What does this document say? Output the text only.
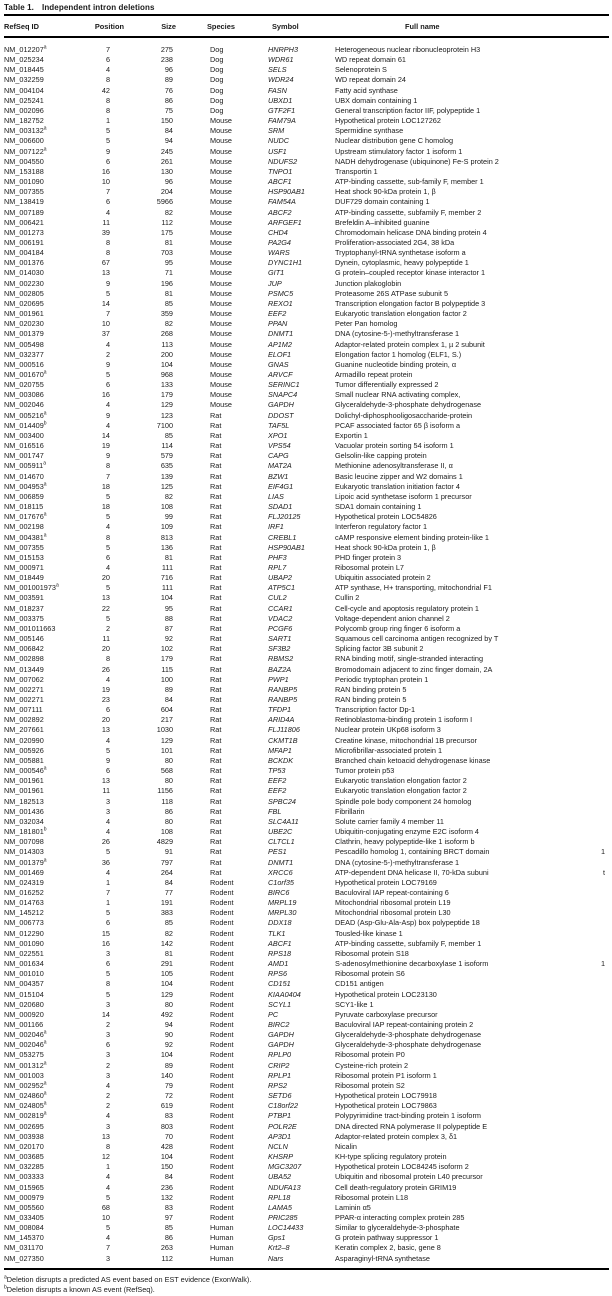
Table 1. Independent intron deletions
RefSeq ID	Position	Size	Species	Symbol	Full name
NM_012207$^a$	7	275	Dog	HNRPH3	Heterogeneous nuclear ribonucleoprotein H3
NM_025234	6	238	Dog	WDR61	WD repeat domain 61
NM_018445	4	96	Dog	SELS	Selenoprotein S
NM_032259	8	89	Dog	WDR24	WD repeat domain 24
NM_004104	42	76	Dog	FASN	Fatty acid synthase
NM_025241	8	86	Dog	UBXD1	UBX domain containing 1
NM_002096	8	75	Dog	GTF2F1	General transcription factor IIF, polypeptide 1
NM_182752	1	150	Mouse	FAM79A	Hypothetical protein LOC127262
NM_003132$^a$	5	84	Mouse	SRM	Spermidine synthase
NM_006600	5	94	Mouse	NUDC	Nuclear distribution gene C homolog
NM_007122$^a$	9	245	Mouse	USF1	Upstream stimulatory factor 1 isoform 1
NM_004550	6	261	Mouse	NDUFS2	NADH dehydrogenase (ubiquinone) Fe-S protein 2
NM_153188	16	130	Mouse	TNPO1	Transportin 1
NM_001090	10	96	Mouse	ABCF1	ATP-binding cassette, sub-family F, member 1
NM_007355	7	204	Mouse	HSP90AB1	Heat shock 90-kDa protein 1, β
NM_138419	6	5966	Mouse	FAM54A	DUF729 domain containing 1
NM_007189	4	82	Mouse	ABCF2	ATP-binding cassette, subfamily F, member 2
NM_006421	11	112	Mouse	ARFGEF1	Brefeldin A–inhibited guanine
NM_001273	39	175	Mouse	CHD4	Chromodomain helicase DNA binding protein 4
NM_006191	8	81	Mouse	PA2G4	Proliferation-associated 2G4, 38 kDa
NM_004184	8	703	Mouse	WARS	Tryptophanyl-tRNA synthetase isoform a
NM_001376	67	95	Mouse	DYNC1H1	Dynein, cytoplasmic, heavy polypeptide 1
NM_014030	13	71	Mouse	GIT1	G protein–coupled receptor kinase interactor 1
NM_002230	9	196	Mouse	JUP	Junction plakoglobin
NM_002805	5	81	Mouse	PSMC5	Proteasome 26S ATPase subunit 5
NM_020695	14	85	Mouse	REXO1	Transcription elongation factor B polypeptide 3
NM_001961	7	359	Mouse	EEF2	Eukaryotic translation elongation factor 2
NM_020230	10	82	Mouse	PPAN	Peter Pan homolog
NM_001379	37	268	Mouse	DNMT1	DNA (cytosine-5-)-methyltransferase 1
NM_005498	4	113	Mouse	AP1M2	Adaptor-related protein complex 1, µ 2 subunit
NM_032377	2	200	Mouse	ELOF1	Elongation factor 1 homolog (ELF1, S.)
NM_000516	9	104	Mouse	GNAS	Guanine nucleotide binding protein, α
NM_001670$^a$	5	968	Mouse	ARVCF	Armadillo repeat protein
NM_020755	6	133	Mouse	SERINC1	Tumor differentially expressed 2
NM_003086	16	179	Mouse	SNAPC4	Small nuclear RNA activating complex,
NM_002046	4	129	Mouse	GAPDH	Glyceraldehyde-3-phosphate dehydrogenase
NM_005216$^a$	9	123	Rat	DDOST	Dolichyl-diphosphooligosaccharide-protein
NM_014409$^b$	4	7100	Rat	TAF5L	PCAF associated factor 65 β isoform a
NM_003400	14	85	Rat	XPO1	Exportin 1
NM_016516	19	114	Rat	VPS54	Vacuolar protein sorting 54 isoform 1
NM_001747	9	579	Rat	CAPG	Gelsolin-like capping protein
NM_005911$^a$	8	635	Rat	MAT2A	Methionine adenosyltransferase II, α
NM_014670	7	139	Rat	BZW1	Basic leucine zipper and W2 domains 1
NM_004953$^a$	18	125	Rat	EIF4G1	Eukaryotic translation initiation factor 4
NM_006859	5	82	Rat	LIAS	Lipoic acid synthetase isoform 1 precursor
NM_018115	18	108	Rat	SDAD1	SDA1 domain containing 1
NM_017676$^a$	5	99	Rat	FLJ20125	Hypothetical protein LOC54826
NM_002198	4	109	Rat	IRF1	Interferon regulatory factor 1
NM_004381$^a$	8	813	Rat	CREBL1	cAMP responsive element binding protein-like 1
NM_007355	5	136	Rat	HSP90AB1	Heat shock 90-kDa protein 1, β
NM_015153	6	81	Rat	PHF3	PHD finger protein 3
NM_000971	4	111	Rat	RPL7	Ribosomal protein L7
NM_018449	20	716	Rat	UBAP2	Ubiquitin associated protein 2
NM_001001973$^a$	5	111	Rat	ATP5C1	ATP synthase, H+ transporting, mitochondrial F1
NM_003591	13	104	Rat	CUL2	Cullin 2
NM_018237	22	95	Rat	CCAR1	Cell-cycle and apoptosis regulatory protein 1
NM_003375	5	88	Rat	VDAC2	Voltage-dependent anion channel 2
NM_001011663	2	87	Rat	PCGF6	Polycomb group ring finger 6 isoform a
NM_005146	11	92	Rat	SART1	Squamous cell carcinoma antigen recognized by T
NM_006842	20	102	Rat	SF3B2	Splicing factor 3B subunit 2
NM_002898	8	179	Rat	RBMS2	RNA binding motif, single-stranded interacting
NM_013449	26	115	Rat	BAZ2A	Bromodomain adjacent to zinc finger domain, 2A
NM_007062	4	100	Rat	PWP1	Periodic tryptophan protein 1
NM_002271	19	89	Rat	RANBP5	RAN binding protein 5
NM_002271	23	84	Rat	RANBP5	RAN binding protein 5
NM_007111	6	604	Rat	TFDP1	Transcription factor Dp-1
NM_002892	20	217	Rat	ARID4A	Retinoblastoma-binding protein 1 isoform I
NM_207661	13	1030	Rat	FLJ11806	Nuclear protein UKp68 isoform 3
NM_020990	4	129	Rat	CKMT1B	Creatine kinase, mitochondrial 1B precursor
NM_005926	5	101	Rat	MFAP1	Microfibrillar-associated protein 1
NM_005881	9	80	Rat	BCKDK	Branched chain ketoacid dehydrogenase kinase
NM_000546$^a$	6	568	Rat	TP53	Tumor protein p53
NM_001961	13	80	Rat	EEF2	Eukaryotic translation elongation factor 2
NM_001961	11	1156	Rat	EEF2	Eukaryotic translation elongation factor 2
NM_182513	3	118	Rat	SPBC24	Spindle pole body component 24 homolog
NM_001436	3	86	Rat	FBL	Fibrillarin
NM_032034	4	80	Rat	SLC4A11	Solute carrier family 4 member 11
NM_181801$^b$	4	108	Rat	UBE2C	Ubiquitin-conjugating enzyme E2C isoform 4
NM_007098	26	4829	Rat	CLTCL1	Clathrin, heavy polypeptide-like 1 isoform b
NM_014303	5	91	Rat	PES1	Pescadillo homolog 1, containing BRCT domain	1
NM_001379$^a$	36	797	Rat	DNMT1	DNA (cytosine-5-)-methyltransferase 1
NM_001469	4	264	Rat	XRCC6	ATP-dependent DNA helicase II, 70-kDa subuni	t
NM_024319	1	84	Rodent	C1orf35	Hypothetical protein LOC79169
NM_016252	7	77	Rodent	BIRC6	Baculoviral IAP repeat-containing 6
NM_014763	1	191	Rodent	MRPL19	Mitochondrial ribosomal protein L19
NM_145212	5	383	Rodent	MRPL30	Mitochondrial ribosomal protein L30
NM_006773	6	85	Rodent	DDX18	DEAD (Asp-Glu-Ala-Asp) box polypeptide 18
NM_012290	15	82	Rodent	TLK1	Tousled-like kinase 1
NM_001090	16	142	Rodent	ABCF1	ATP-binding cassette, subfamily F, member 1
NM_022551	3	81	Rodent	RPS18	Ribosomal protein S18
NM_001634	6	291	Rodent	AMD1	S-adenosylmethionine decarboxylase 1 isoform	1
NM_001010	5	105	Rodent	RPS6	Ribosomal protein S6
NM_004357	8	104	Rodent	CD151	CD151 antigen
NM_015104	5	129	Rodent	KIAA0404	Hypothetical protein LOC23130
NM_020680	3	80	Rodent	SCYL1	SCY1-like 1
NM_000920	14	492	Rodent	PC	Pyruvate carboxylase precursor
NM_001166	2	94	Rodent	BIRC2	Baculoviral IAP repeat-containing protein 2
NM_002046$^a$	3	90	Rodent	GAPDH	Glyceraldehyde-3-phosphate dehydrogenase
NM_002046$^a$	6	92	Rodent	GAPDH	Glyceraldehyde-3-phosphate dehydrogenase
NM_053275	3	104	Rodent	RPLP0	Ribosomal protein P0
NM_001312$^a$	2	89	Rodent	CRIP2	Cysteine-rich protein 2
NM_001003	3	140	Rodent	RPLP1	Ribosomal protein P1 isoform 1
NM_002952$^a$	4	79	Rodent	RPS2	Ribosomal protein S2
NM_024860$^a$	2	72	Rodent	SETD6	Hypothetical protein LOC79918
NM_024805$^a$	2	619	Rodent	C18orf22	Hypothetical protein LOC79863
NM_002819$^a$	4	83	Rodent	PTBP1	Polypyrimidine tract-binding protein 1 isoform
NM_002695	3	803	Rodent	POLR2E	DNA directed RNA polymerase II polypeptide E
NM_003938	13	70	Rodent	AP3D1	Adaptor-related protein complex 3, δ1
NM_020170	8	428	Rodent	NCLN	Nicalin
NM_003685	12	104	Rodent	KHSRP	KH-type splicing regulatory protein
NM_032285	1	150	Rodent	MGC3207	Hypothetical protein LOC84245 isoform 2
NM_003333	4	84	Rodent	UBA52	Ubiquitin and ribosomal protein L40 precursor
NM_015965	4	236	Rodent	NDUFA13	Cell death-regulatory protein GRIM19
NM_000979	5	132	Rodent	RPL18	Ribosomal protein L18
NM_005560	68	83	Rodent	LAMA5	Laminin α5
NM_033405	10	97	Rodent	PRIC285	PPAR-α interacting complex protein 285
NM_008084	5	85	Human	LOC14433	Similar to glyceraldehyde-3-phosphate
NM_145370	4	86	Human	Gps1	G protein pathway suppressor 1
NM_031170	7	263	Human	Krt2–8	Keratin complex 2, basic, gene 8
NM_027350	3	112	Human	Nars	Asparaginyl-tRNA synthetase
$^a$Deletion disrupts a predicted AS event based on EST evidence (ExonWalk).
$^b$Deletion disrupts a known AS event (RefSeq).
